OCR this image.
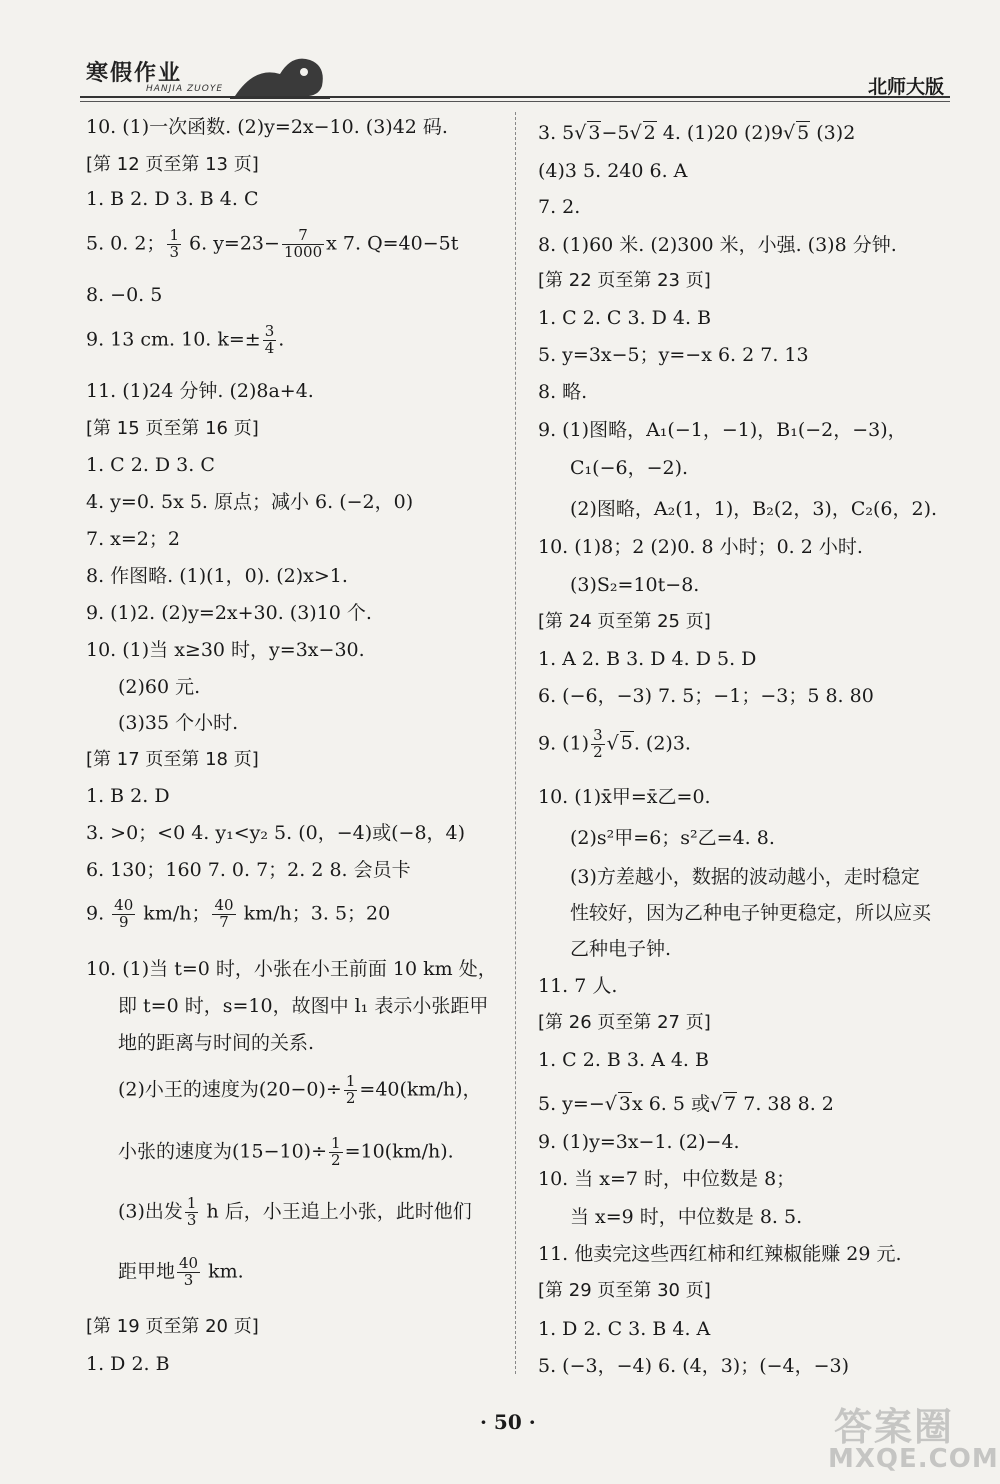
寒假作业
HANJIA ZUOYE	北师大版
10. (1)一次函数. (2)y=2x−10. (3)42 码.
[第 12 页至第 13 页]
1. B 2. D 3. B 4. C
5. 0. 2； $\frac{1}{3} 6$. $y=23- \frac{7}{1000}$ x 7. Q=40−5t
8. −0. 5
9. 13 cm. 10. $k=\pm \frac{3}{4}$ .
11. (1)24 分钟. (2)8a+4.
[第 15 页至第 16 页]
1. C 2. D 3. C
4. y=0. 5x 5. 原点；减小 6. (−2，0)
7. x=2；2
8. 作图略. (1)(1，0). (2)x>1.
9. (1)2. (2)y=2x+30. (3)10 个.
10. (1)当 x≥30 时，y=3x−30.
(2)60 元.
(3)35 个小时.
[第 17 页至第 18 页]
1. B 2. D
3. >0；<0 4. y₁<y₂ 5. (0，−4)或(−8，4)
6. 130；160 7. 0. 7；2. 2 8. 会员卡
9. $\frac{40}{9} km/h$； $\frac{40}{7} km/h$；3. 5；20
10. (1)当 t=0 时，小张在小王前面 10 km 处，
即 t=0 时，s=10，故图中 l₁ 表示小张距甲
地的距离与时间的关系.
(2)小王的速度为$(20-0)\div \frac{1}{2} =40(km/h)$，
小张的速度为$(15-10)\div \frac{1}{2} =10(km/h)$.
(3)出发 $\frac{1}{3}$ h 后，小王追上小张，此时他们
距甲地 $\frac{40}{3}$ km.
[第 19 页至第 20 页]
1. D 2. B
3. 5√ 3−5√ 2 4. (1)20 (2)9√ 5 (3)2
(4)3 5. 240 6. A
7. 2.
8. (1)60 米. (2)300 米，小强. (3)8 分钟.
[第 22 页至第 23 页]
1. C 2. C 3. D 4. B
5. y=3x−5；y=−x 6. 2 7. 13
8. 略.
9. (1)图略，A₁(−1，−1)，B₁(−2，−3)，
C₁(−6，−2).
(2)图略，A₂(1，1)，B₂(2，3)，C₂(6，2).
10. (1)8；2 (2)0. 8 小时；0. 2 小时.
(3)S₂=10t−8.
[第 24 页至第 25 页]
1. A 2. B 3. D 4. D 5. D
6. (−6，−3) 7. 5；−1；−3；5 8. 80
9. $(1) \frac{3}{2}$ √ 5. (2)3.
10. (1)x̄甲=x̄乙=0.
(2)s²甲=6；s²乙=4. 8.
(3)方差越小，数据的波动越小，走时稳定
性较好，因为乙种电子钟更稳定，所以应买
乙种电子钟.
11. 7 人.
[第 26 页至第 27 页]
1. C 2. B 3. A 4. B
5. y=−√ 3x 6. 5 或√ 7 7. 38 8. 2
9. (1)y=3x−1. (2)−4.
10. 当 x=7 时，中位数是 8；
当 x=9 时，中位数是 8. 5.
11. 他卖完这些西红柿和红辣椒能赚 29 元.
[第 29 页至第 30 页]
1. D 2. C 3. B 4. A
5. (−3，−4) 6. (4，3)；(−4，−3)
· 50 ·	答案圈
MXQE.COM
